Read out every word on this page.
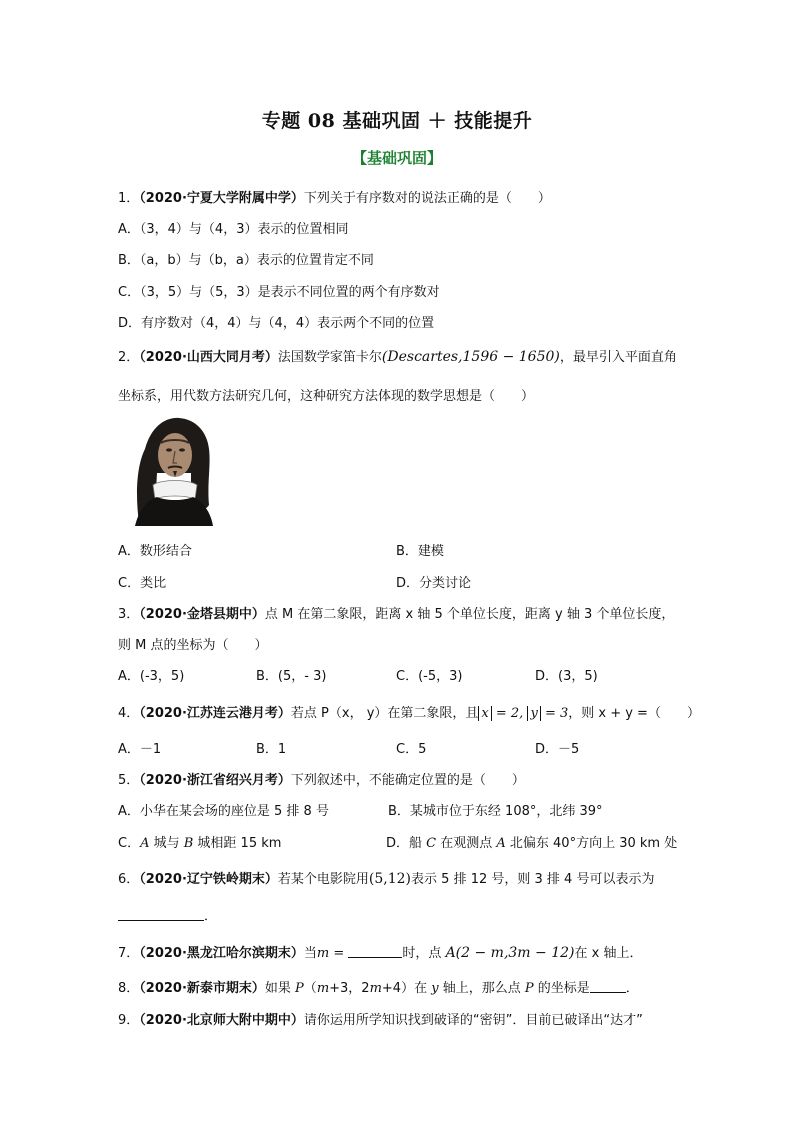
专题 08 基础巩固 ＋ 技能提升
【基础巩固】
1．（2020·宁夏大学附属中学）下列关于有序数对的说法正确的是（　　）
A．（3，4）与（4，3）表示的位置相同
B．（a，b）与（b，a）表示的位置肯定不同
C．（3，5）与（5，3）是表示不同位置的两个有序数对
D．有序数对（4，4）与（4，4）表示两个不同的位置
2．（2020·山西大同月考）法国数学家笛卡尔(Descartes,1596 − 1650)，最早引入平面直角
坐标系，用代数方法研究几何，这种研究方法体现的数学思想是（　　）
A．数形结合	B．建模
C．类比	D．分类讨论
3．（2020·金塔县期中）点 M 在第二象限，距离 x 轴 5 个单位长度，距离 y 轴 3 个单位长度，
则 M 点的坐标为（　　）
A．(-3，5)	B．(5，- 3)	C．(-5，3)	D．(3，5)
4．（2020·江苏连云港月考）若点 P（x， y）在第二象限，且 x = 2, y = 3，则 x + y =（　　）
A．－1	B．1	C．5	D．－5
5．（2020·浙江省绍兴月考）下列叙述中，不能确定位置的是（　　）
A．小华在某会场的座位是 5 排 8 号	B．某城市位于东经 108°，北纬 39°
C．A 城与 B 城相距 15 km	D．船 C 在观测点 A 北偏东 40°方向上 30 km 处
6．（2020·辽宁铁岭期末）若某个电影院用(5,12)表示 5 排 12 号，则 3 排 4 号可以表示为
．
7．（2020·黑龙江哈尔滨期末）当m =	时，点 A(2 − m,3m − 12)在 x 轴上．
8．（2020·新泰市期末）如果 P（m+3，2m+4）在 y 轴上，那么点 P 的坐标是	．
9．（2020·北京师大附中期中）请你运用所学知识找到破译的“密钥”．目前已破译出“达才”
